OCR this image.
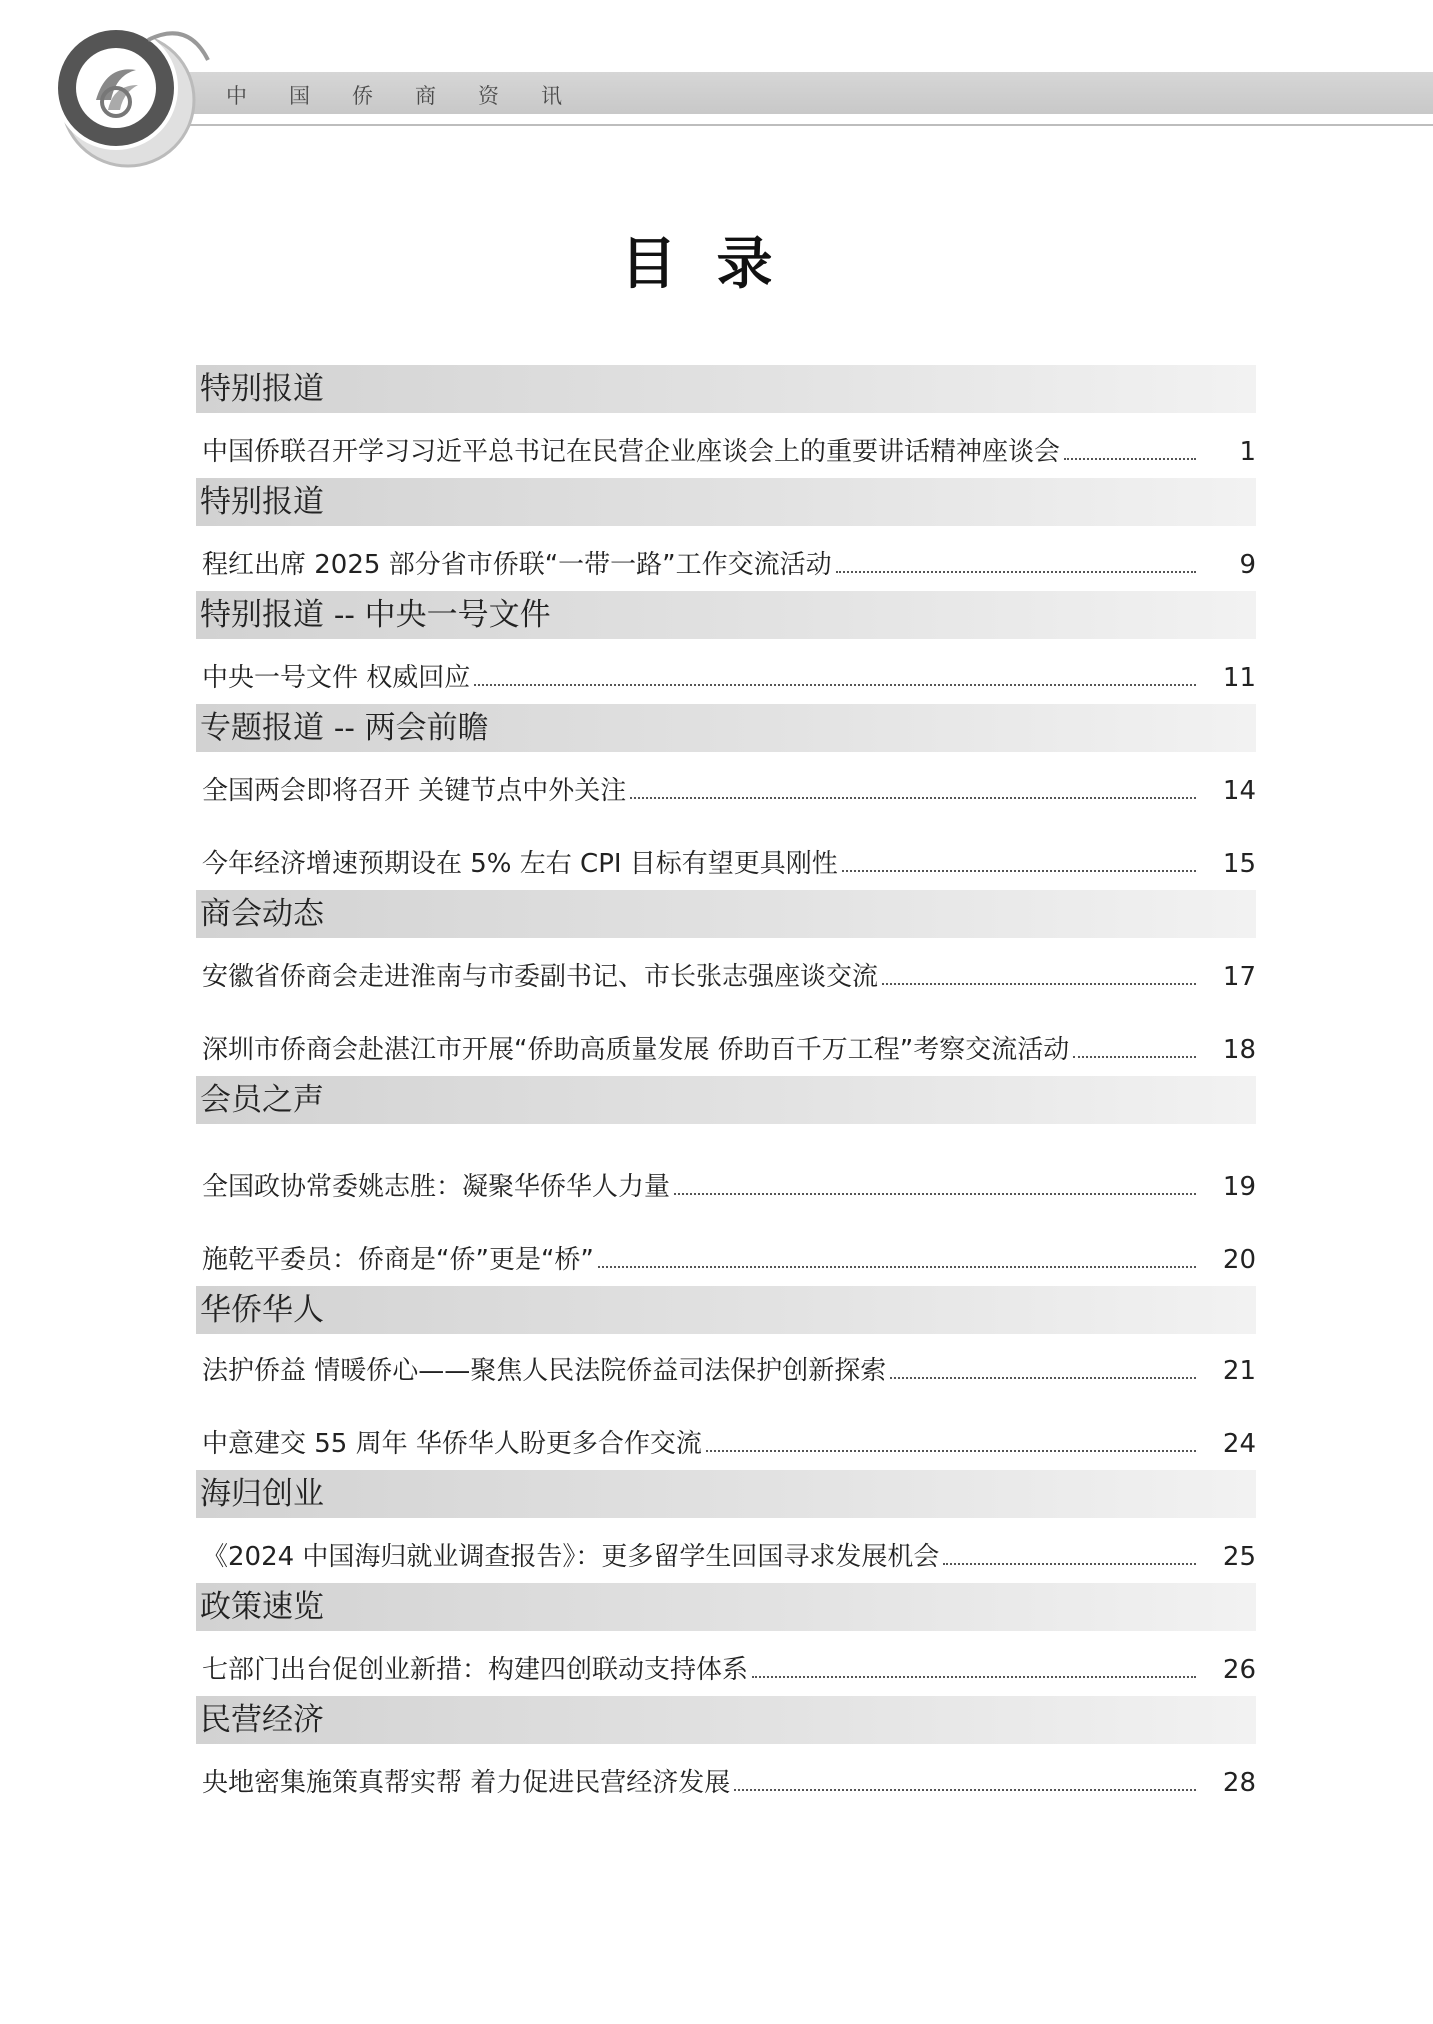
中国侨商资讯
目录
特别报道
中国侨联召开学习习近平总书记在民营企业座谈会上的重要讲话精神座谈会	1
特别报道
程红出席 2025 部分省市侨联“一带一路”工作交流活动	9
特别报道 -- 中央一号文件
中央一号文件 权威回应	11
专题报道 -- 两会前瞻
全国两会即将召开 关键节点中外关注	14
今年经济增速预期设在 5% 左右 CPI 目标有望更具刚性	15
商会动态
安徽省侨商会走进淮南与市委副书记、市长张志强座谈交流	17
深圳市侨商会赴湛江市开展“侨助高质量发展 侨助百千万工程”考察交流活动	18
会员之声
全国政协常委姚志胜：凝聚华侨华人力量	19
施乾平委员：侨商是“侨”更是“桥”	20
华侨华人
法护侨益 情暖侨心——聚焦人民法院侨益司法保护创新探索	21
中意建交 55 周年 华侨华人盼更多合作交流	24
海归创业
《2024 中国海归就业调查报告》：更多留学生回国寻求发展机会	25
政策速览
七部门出台促创业新措：构建四创联动支持体系	26
民营经济
央地密集施策真帮实帮 着力促进民营经济发展	28
